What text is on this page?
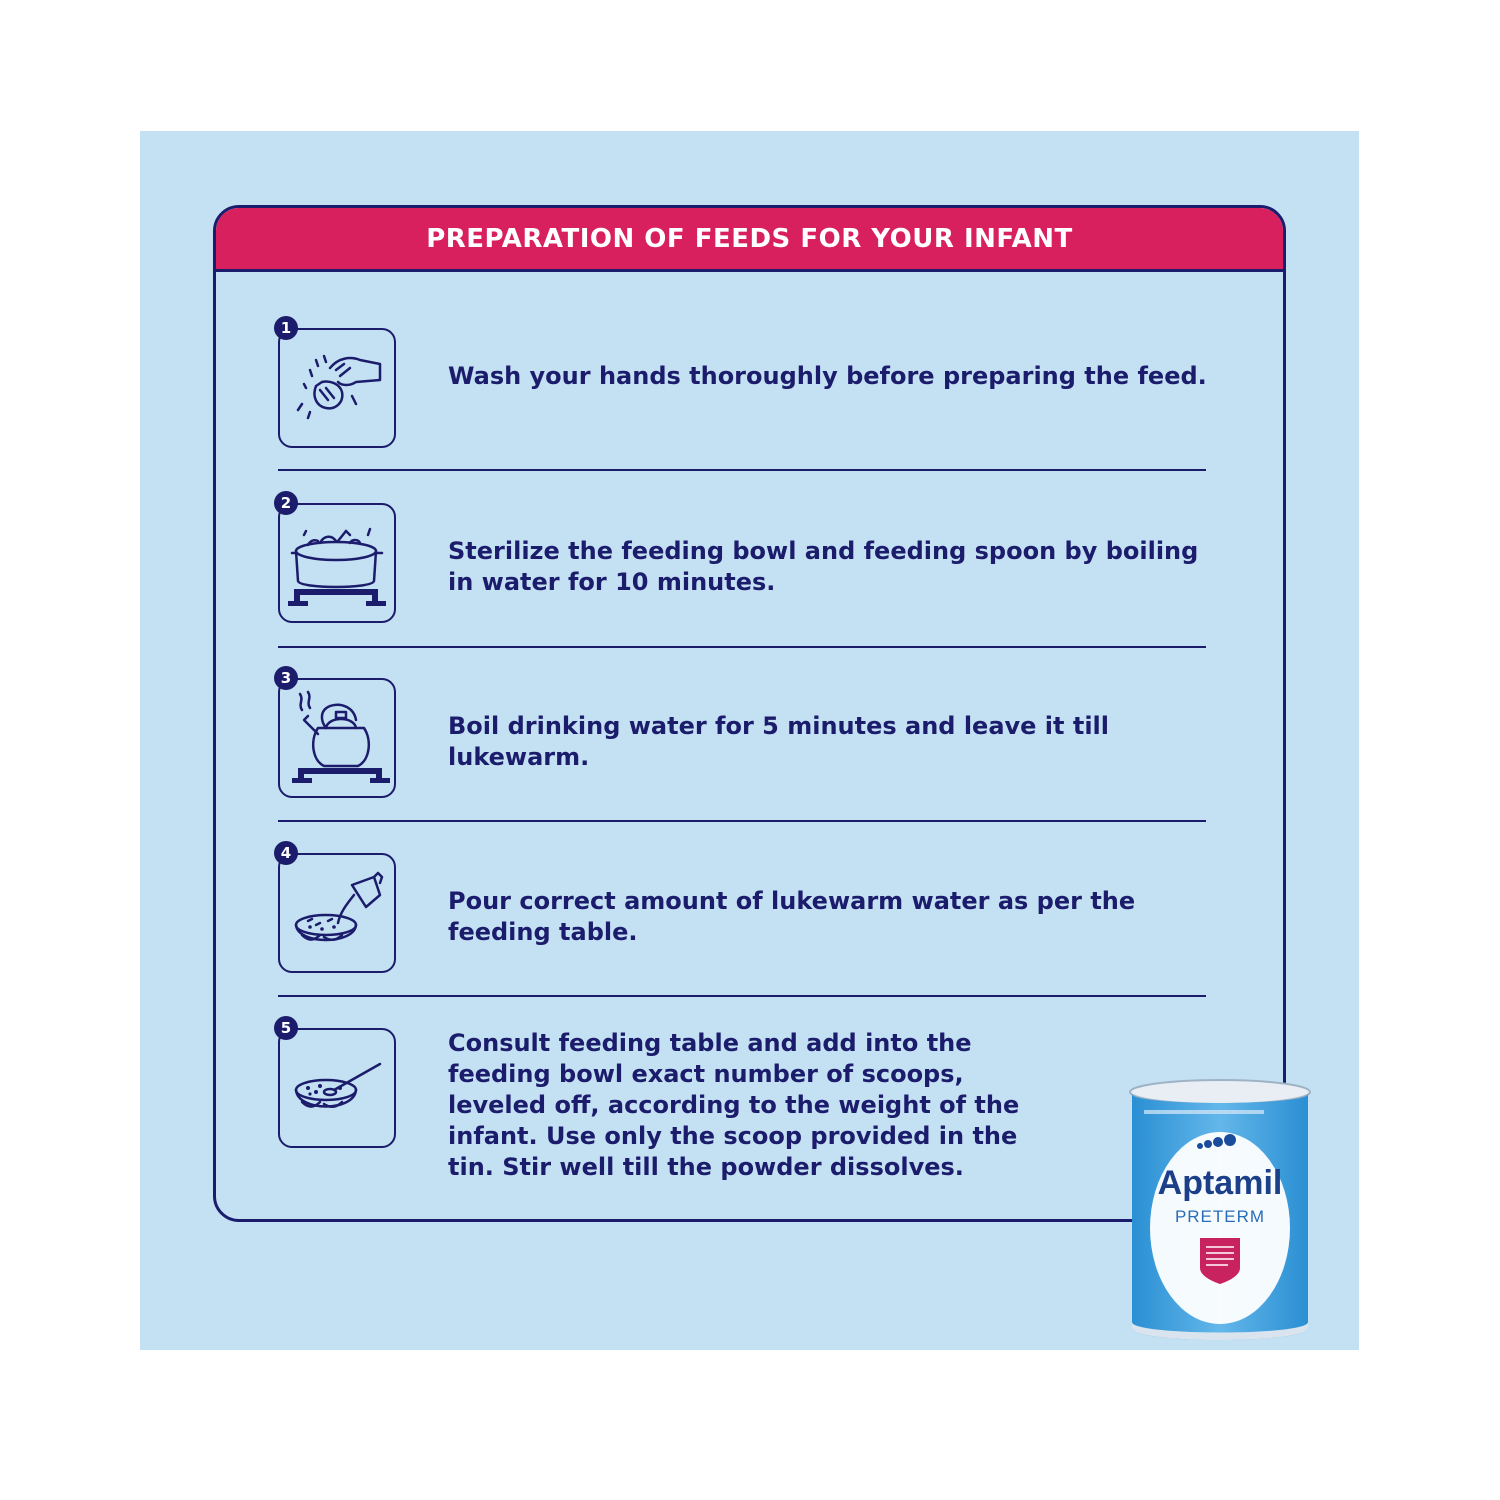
PREPARATION OF FEEDS FOR YOUR INFANT
1
Wash your hands thoroughly before preparing the feed.
2
Sterilize the feeding bowl and feeding spoon by boiling in water for 10 minutes.
3
Boil drinking water for 5 minutes and leave it till lukewarm.
4
Pour correct amount of lukewarm water as per the feeding table.
5
Consult feeding table and add into the feeding bowl exact number of scoops, leveled off, according to the weight of the infant. Use only the scoop provided in the tin. Stir well till the powder dissolves.	Aptamil
PRETERM
